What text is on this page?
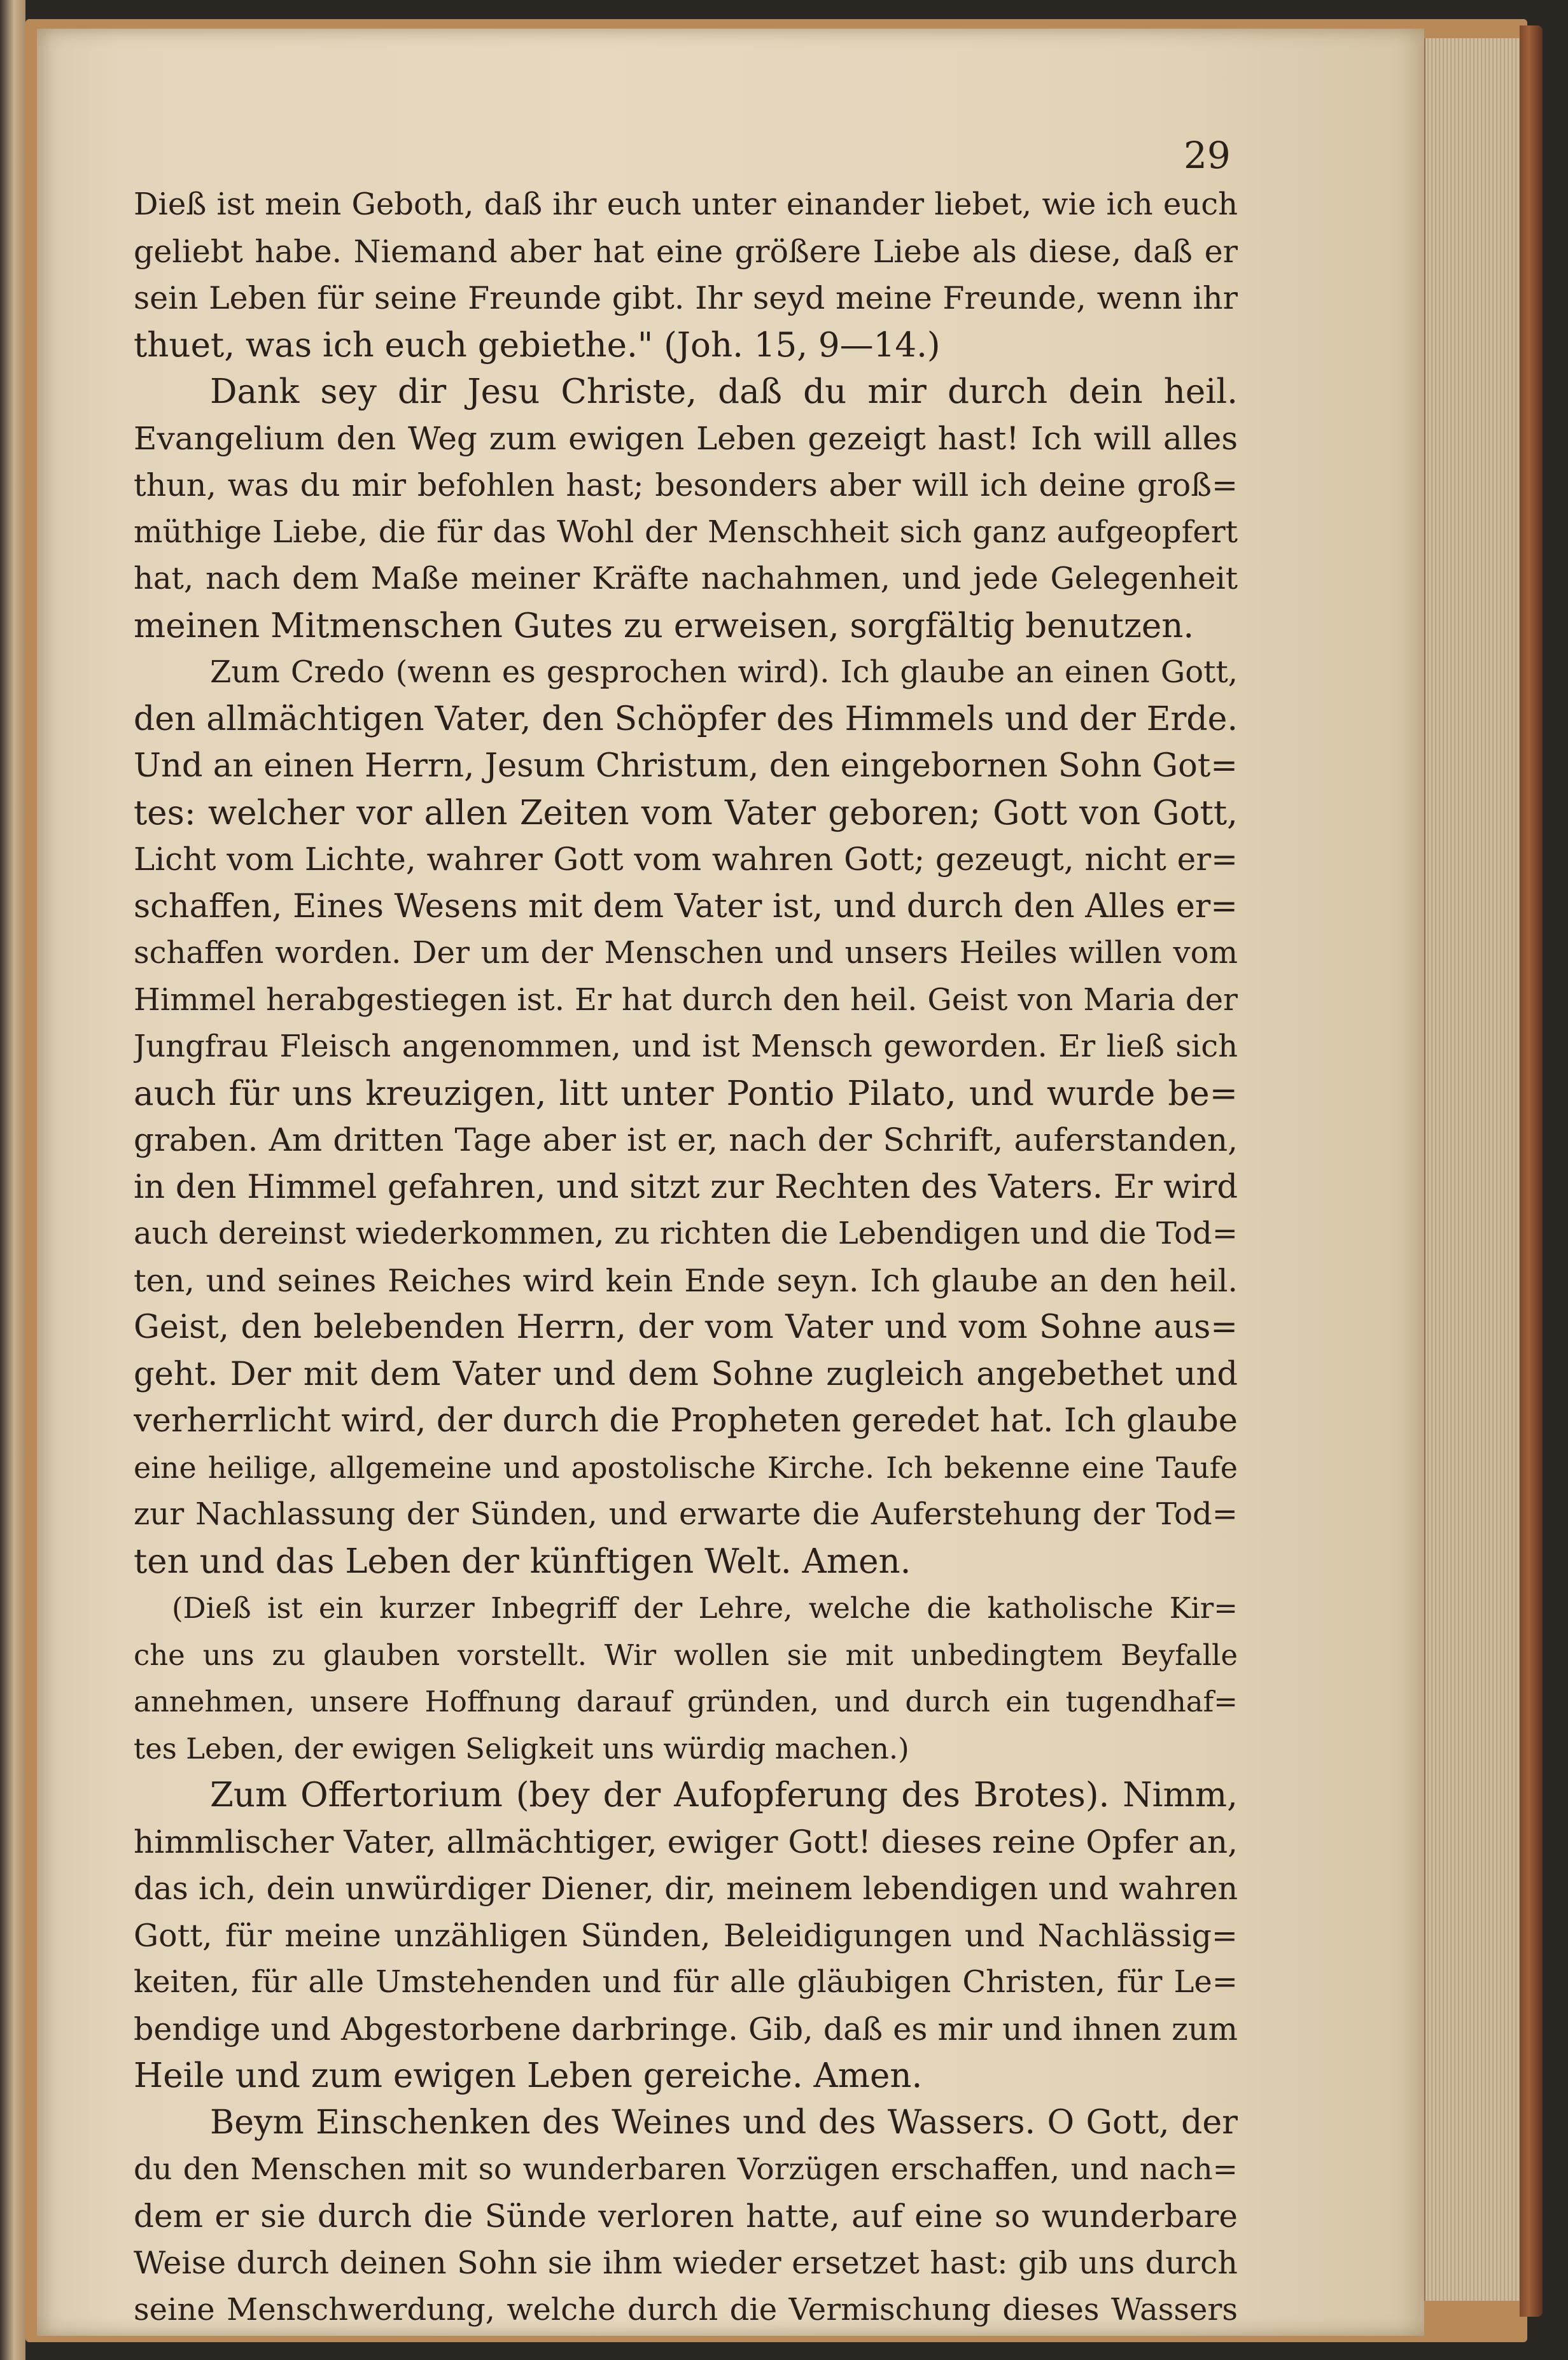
29
Dieß ist mein Geboth, daß ihr euch unter einander liebet, wie ich euch
geliebt habe. Niemand aber hat eine größere Liebe als diese, daß er
sein Leben für seine Freunde gibt. Ihr seyd meine Freunde, wenn ihr
thuet, was ich euch gebiethe." (Joh. 15, 9—14.)
Dank sey dir Jesu Christe, daß du mir durch dein heil.
Evangelium den Weg zum ewigen Leben gezeigt hast! Ich will alles
thun, was du mir befohlen hast; besonders aber will ich deine groß=
müthige Liebe, die für das Wohl der Menschheit sich ganz aufgeopfert
hat, nach dem Maße meiner Kräfte nachahmen, und jede Gelegenheit
meinen Mitmenschen Gutes zu erweisen, sorgfältig benutzen.
Zum Credo (wenn es gesprochen wird). Ich glaube an einen Gott,
den allmächtigen Vater, den Schöpfer des Himmels und der Erde.
Und an einen Herrn, Jesum Christum, den eingebornen Sohn Got=
tes: welcher vor allen Zeiten vom Vater geboren; Gott von Gott,
Licht vom Lichte, wahrer Gott vom wahren Gott; gezeugt, nicht er=
schaffen, Eines Wesens mit dem Vater ist, und durch den Alles er=
schaffen worden. Der um der Menschen und unsers Heiles willen vom
Himmel herabgestiegen ist. Er hat durch den heil. Geist von Maria der
Jungfrau Fleisch angenommen, und ist Mensch geworden. Er ließ sich
auch für uns kreuzigen, litt unter Pontio Pilato, und wurde be=
graben. Am dritten Tage aber ist er, nach der Schrift, auferstanden,
in den Himmel gefahren, und sitzt zur Rechten des Vaters. Er wird
auch dereinst wiederkommen, zu richten die Lebendigen und die Tod=
ten, und seines Reiches wird kein Ende seyn. Ich glaube an den heil.
Geist, den belebenden Herrn, der vom Vater und vom Sohne aus=
geht. Der mit dem Vater und dem Sohne zugleich angebethet und
verherrlicht wird, der durch die Propheten geredet hat. Ich glaube
eine heilige, allgemeine und apostolische Kirche. Ich bekenne eine Taufe
zur Nachlassung der Sünden, und erwarte die Auferstehung der Tod=
ten und das Leben der künftigen Welt. Amen.
(Dieß ist ein kurzer Inbegriff der Lehre, welche die katholische Kir=
che uns zu glauben vorstellt. Wir wollen sie mit unbedingtem Beyfalle
annehmen, unsere Hoffnung darauf gründen, und durch ein tugendhaf=
tes Leben, der ewigen Seligkeit uns würdig machen.)
Zum Offertorium (bey der Aufopferung des Brotes). Nimm,
himmlischer Vater, allmächtiger, ewiger Gott! dieses reine Opfer an,
das ich, dein unwürdiger Diener, dir, meinem lebendigen und wahren
Gott, für meine unzähligen Sünden, Beleidigungen und Nachlässig=
keiten, für alle Umstehenden und für alle gläubigen Christen, für Le=
bendige und Abgestorbene darbringe. Gib, daß es mir und ihnen zum
Heile und zum ewigen Leben gereiche. Amen.
Beym Einschenken des Weines und des Wassers. O Gott, der
du den Menschen mit so wunderbaren Vorzügen erschaffen, und nach=
dem er sie durch die Sünde verloren hatte, auf eine so wunderbare
Weise durch deinen Sohn sie ihm wieder ersetzet hast: gib uns durch
seine Menschwerdung, welche durch die Vermischung dieses Wassers
